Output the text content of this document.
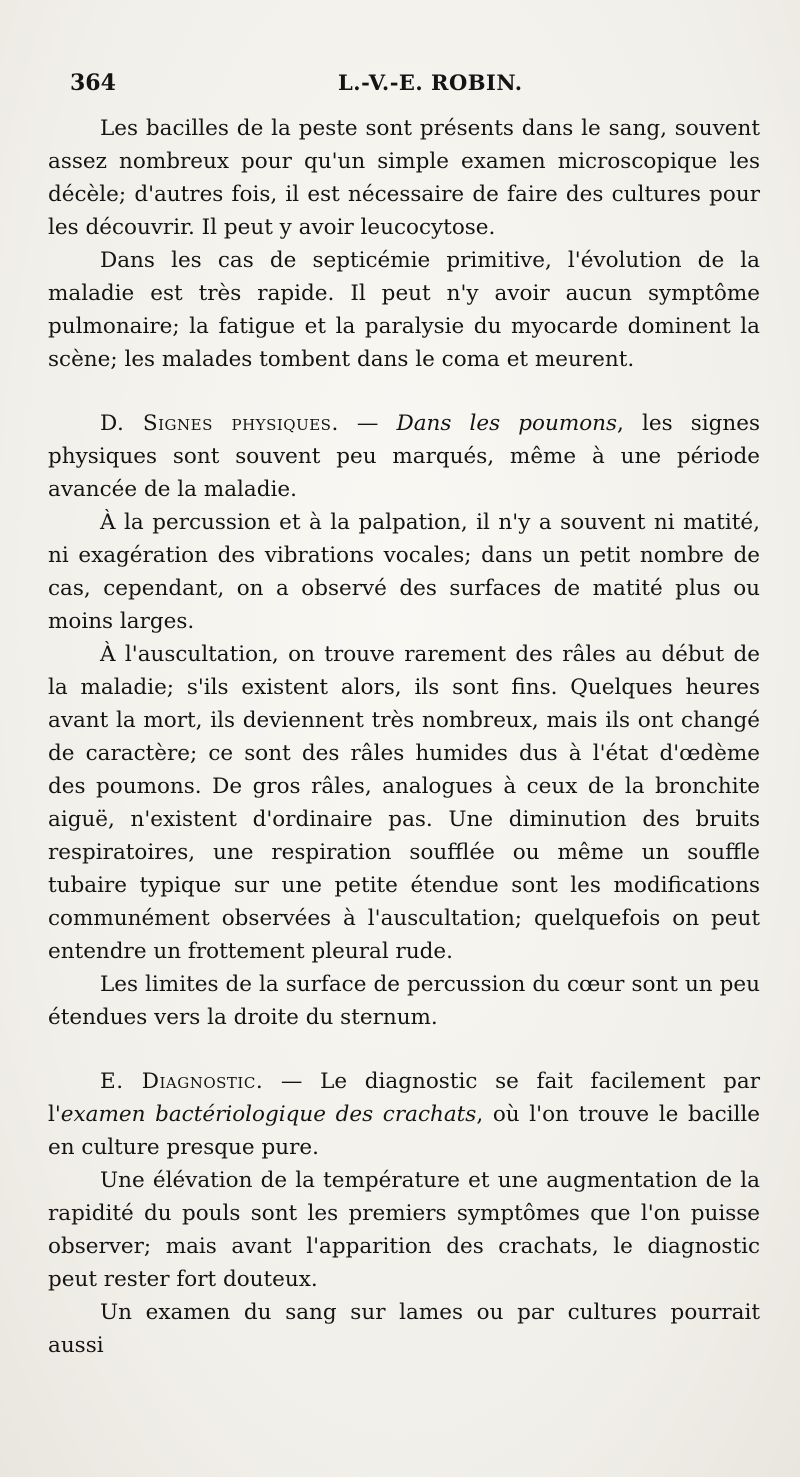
364	L.-V.-E. ROBIN.

Les bacilles de la peste sont présents dans le sang, souvent assez nombreux pour qu'un simple examen microscopique les décèle; d'autres fois, il est nécessaire de faire des cultures pour les découvrir. Il peut y avoir leucocytose.

Dans les cas de septicémie primitive, l'évolution de la maladie est très rapide. Il peut n'y avoir aucun symptôme pulmonaire; la fatigue et la paralysie du myocarde dominent la scène; les malades tombent dans le coma et meurent.

D. Signes physiques. — Dans les poumons, les signes physiques sont souvent peu marqués, même à une période avancée de la maladie.

À la percussion et à la palpation, il n'y a souvent ni matité, ni exagération des vibrations vocales; dans un petit nombre de cas, cependant, on a observé des surfaces de matité plus ou moins larges.

À l'auscultation, on trouve rarement des râles au début de la maladie; s'ils existent alors, ils sont fins. Quelques heures avant la mort, ils deviennent très nombreux, mais ils ont changé de caractère; ce sont des râles humides dus à l'état d'œdème des poumons. De gros râles, analogues à ceux de la bronchite aiguë, n'existent d'ordinaire pas. Une diminution des bruits respiratoires, une respiration soufflée ou même un souffle tubaire typique sur une petite étendue sont les modifications communément observées à l'auscultation; quelquefois on peut entendre un frottement pleural rude.

Les limites de la surface de percussion du cœur sont un peu étendues vers la droite du sternum.

E. Diagnostic. — Le diagnostic se fait facilement par l'examen bactériologique des crachats, où l'on trouve le bacille en culture presque pure.

Une élévation de la température et une augmentation de la rapidité du pouls sont les premiers symptômes que l'on puisse observer; mais avant l'apparition des crachats, le diagnostic peut rester fort douteux.

Un examen du sang sur lames ou par cultures pourrait aussi
